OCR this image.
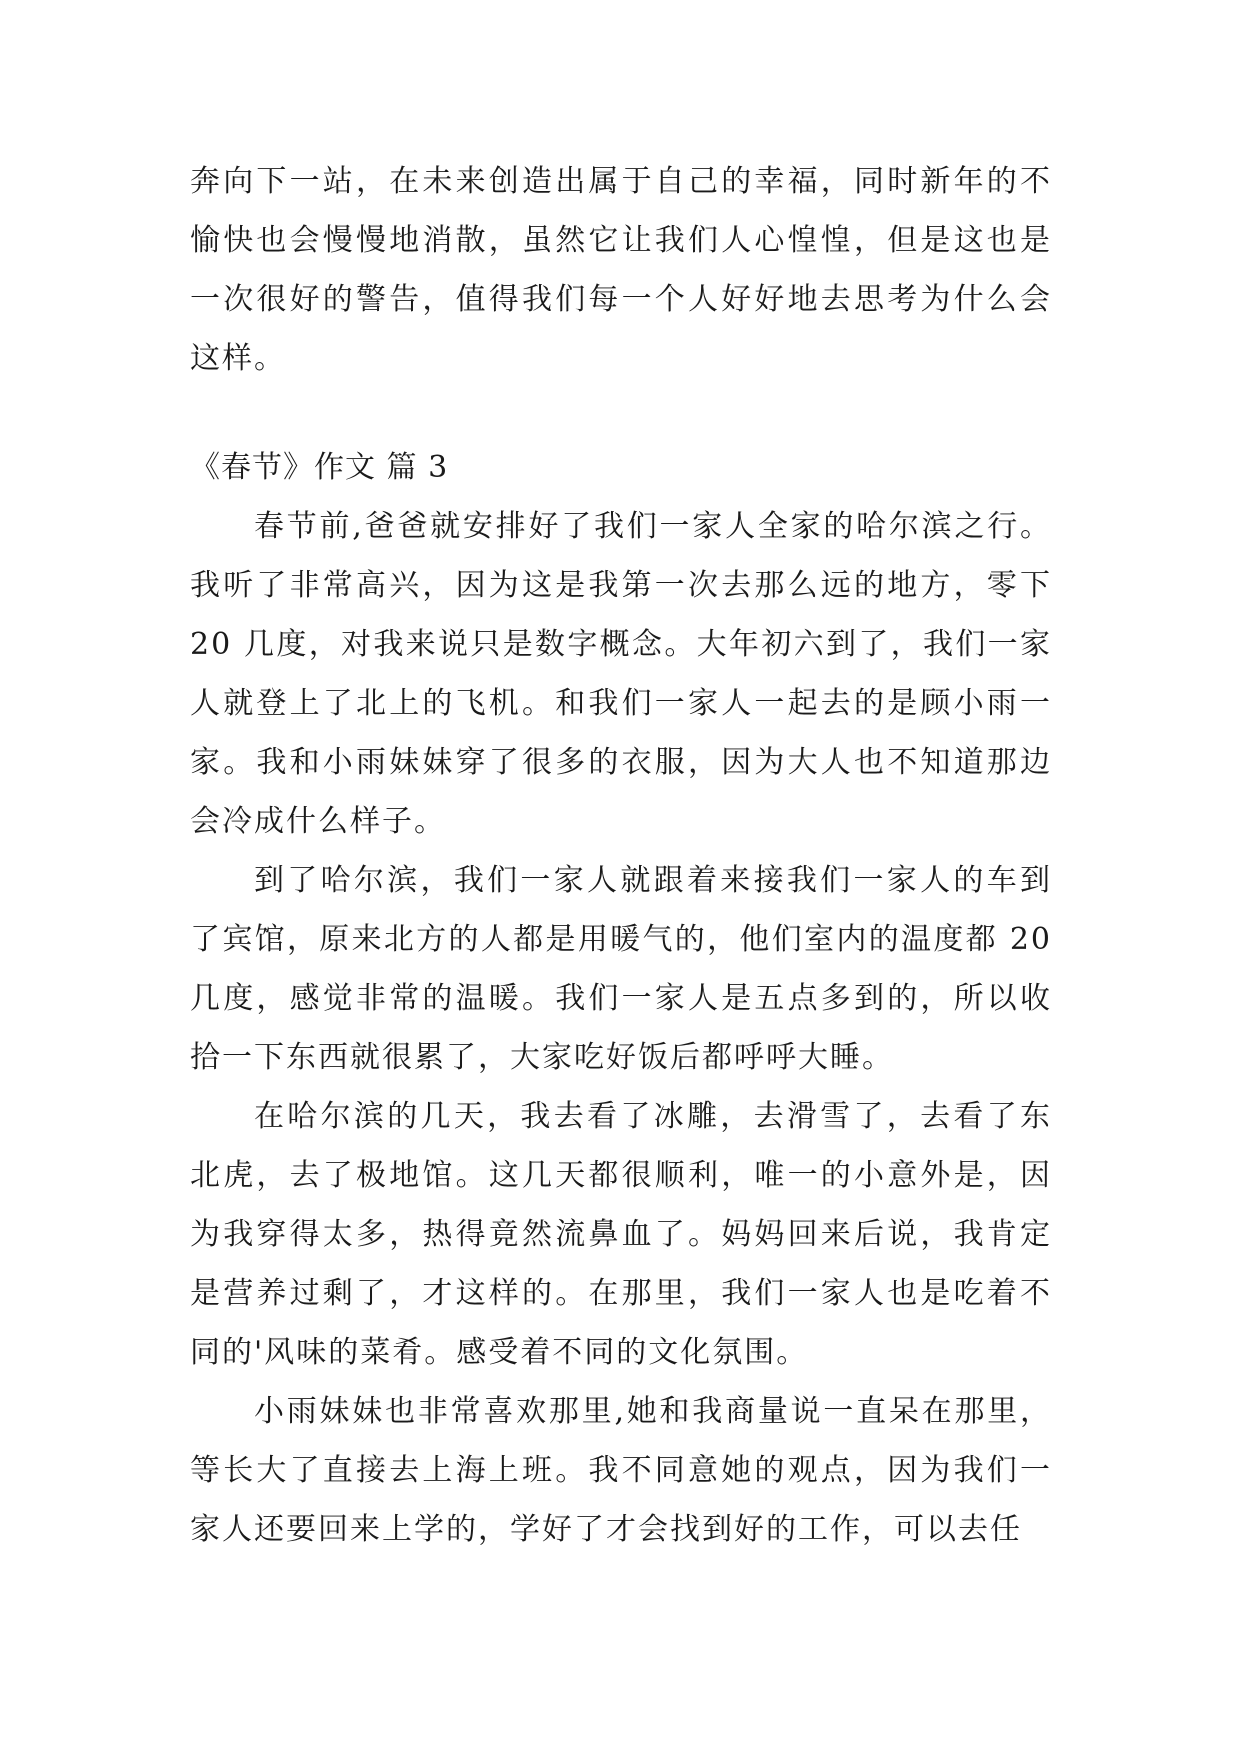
奔向下一站，在未来创造出属于自己的幸福，同时新年的不愉快也会慢慢地消散，虽然它让我们人心惶惶，但是这也是一次很好的警告，值得我们每一个人好好地去思考为什么会这样。

《春节》作文 篇 3

春节前,爸爸就安排好了我们一家人全家的哈尔滨之行。我听了非常高兴，因为这是我第一次去那么远的地方，零下 20 几度，对我来说只是数字概念。大年初六到了，我们一家人就登上了北上的飞机。和我们一家人一起去的是顾小雨一家。我和小雨妹妹穿了很多的衣服，因为大人也不知道那边会冷成什么样子。

到了哈尔滨，我们一家人就跟着来接我们一家人的车到了宾馆，原来北方的人都是用暖气的，他们室内的温度都 20 几度，感觉非常的温暖。我们一家人是五点多到的，所以收拾一下东西就很累了，大家吃好饭后都呼呼大睡。

在哈尔滨的几天，我去看了冰雕，去滑雪了，去看了东北虎，去了极地馆。这几天都很顺利，唯一的小意外是，因为我穿得太多，热得竟然流鼻血了。妈妈回来后说，我肯定是营养过剩了，才这样的。在那里，我们一家人也是吃着不同的'风味的菜肴。感受着不同的文化氛围。

小雨妹妹也非常喜欢那里,她和我商量说一直呆在那里，等长大了直接去上海上班。我不同意她的观点，因为我们一家人还要回来上学的，学好了才会找到好的工作，可以去任
